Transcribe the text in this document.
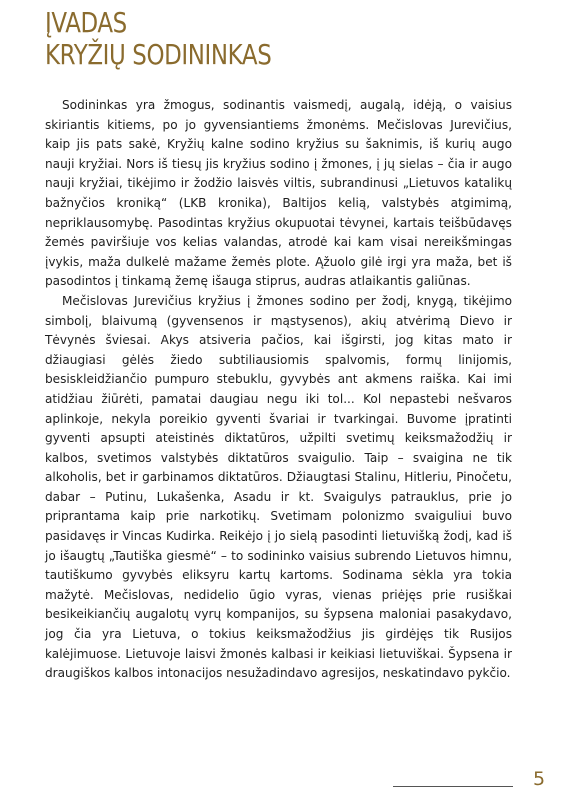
ĮVADAS
KRYŽIŲ SODININKAS

Sodininkas yra žmogus, sodinantis vaismedį, augalą, idėją, o vaisius skiriantis kitiems, po jo gyvensiantiems žmonėms. Mečislovas Jurevičius, kaip jis pats sakė, Kryžių kalne sodino kryžius su šaknimis, iš kurių augo nauji kryžiai. Nors iš tiesų jis kryžius sodino į žmones, į jų sielas – čia ir augo nauji kryžiai, tikėjimo ir žodžio laisvės viltis, subrandinusi „Lietuvos katalikų bažnyčios kroniką“ (LKB kronika), Baltijos kelią, valstybės atgimimą, nepriklausomybę. Pasodintas kryžius okupuotai tėvynei, kartais teišbūdavęs žemės paviršiuje vos kelias valandas, atrodė kai kam visai nereikšmingas įvykis, maža dulkelė mažame žemės plote. Ąžuolo gilė irgi yra maža, bet iš pasodintos į tinkamą žemę išauga stiprus, audras atlaikantis galiūnas.

Mečislovas Jurevičius kryžius į žmones sodino per žodį, knygą, tikėjimo simbolį, blaivumą (gyvensenos ir mąstysenos), akių atvėrimą Dievo ir Tėvynės šviesai. Akys atsiveria pačios, kai išgirsti, jog kitas mato ir džiaugiasi gėlės žiedo subtiliausiomis spalvomis, formų linijomis, besiskleidžiančio pumpuro stebuklu, gyvybės ant akmens raiška. Kai imi atidžiau žiūrėti, pamatai daugiau negu iki tol... Kol nepastebi nešvaros aplinkoje, nekyla poreikio gyventi švariai ir tvarkingai. Buvome įpratinti gyventi apsupti ateistinės diktatūros, užpilti svetimų keiksmažodžių ir kalbos, svetimos valstybės diktatūros svaigulio. Taip – svaigina ne tik alkoholis, bet ir garbinamos diktatūros. Džiaugtasi Stalinu, Hitleriu, Pinočetu, dabar – Putinu, Lukašenka, Asadu ir kt. Svaigulys patrauklus, prie jo priprantama kaip prie narkotikų. Svetimam polonizmo svaiguliui buvo pasidavęs ir Vincas Kudirka. Reikėjo į jo sielą pasodinti lietuvišką žodį, kad iš jo išaugtų „Tautiška giesmė“ – to sodininko vaisius subrendo Lietuvos himnu, tautiškumo gyvybės eliksyru kartų kartoms. Sodinama sėkla yra tokia mažytė. Mečislovas, nedidelio ūgio vyras, vienas priėjęs prie rusiškai besikeikiančių augalotų vyrų kompanijos, su šypsena maloniai pasakydavo, jog čia yra Lietuva, o tokius keiksmažodžius jis girdėjęs tik Rusijos kalėjimuose. Lietuvoje laisvi žmonės kalbasi ir keikiasi lietuviškai. Šypsena ir draugiškos kalbos intonacijos nesužadindavo agresijos, neskatindavo pykčio.

5
